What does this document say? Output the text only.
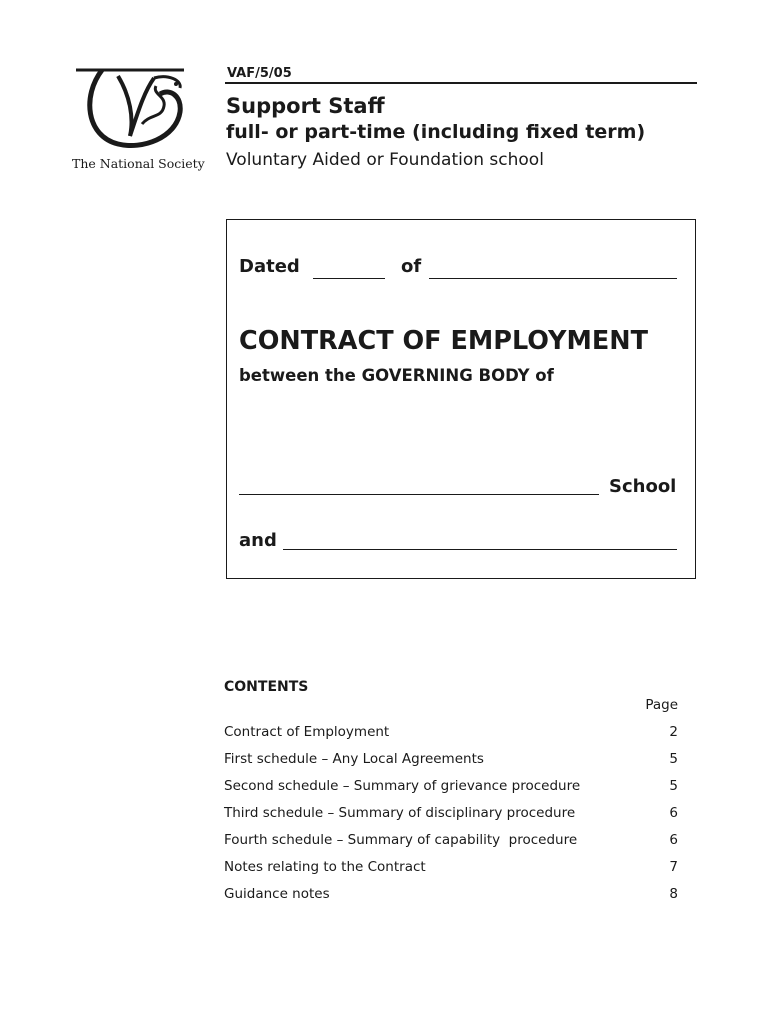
The National Society
VAF/5/05
Support Staff
full- or part-time (including fixed term)
Voluntary Aided or Foundation school
Dated	of
CONTRACT OF EMPLOYMENT
between the GOVERNING BODY of
School
and
CONTENTS
Page
Contract of Employment	2
First schedule – Any Local Agreements	5
Second schedule – Summary of grievance procedure	5
Third schedule – Summary of disciplinary procedure	6
Fourth schedule – Summary of capability  procedure	6
Notes relating to the Contract	7
Guidance notes	8
